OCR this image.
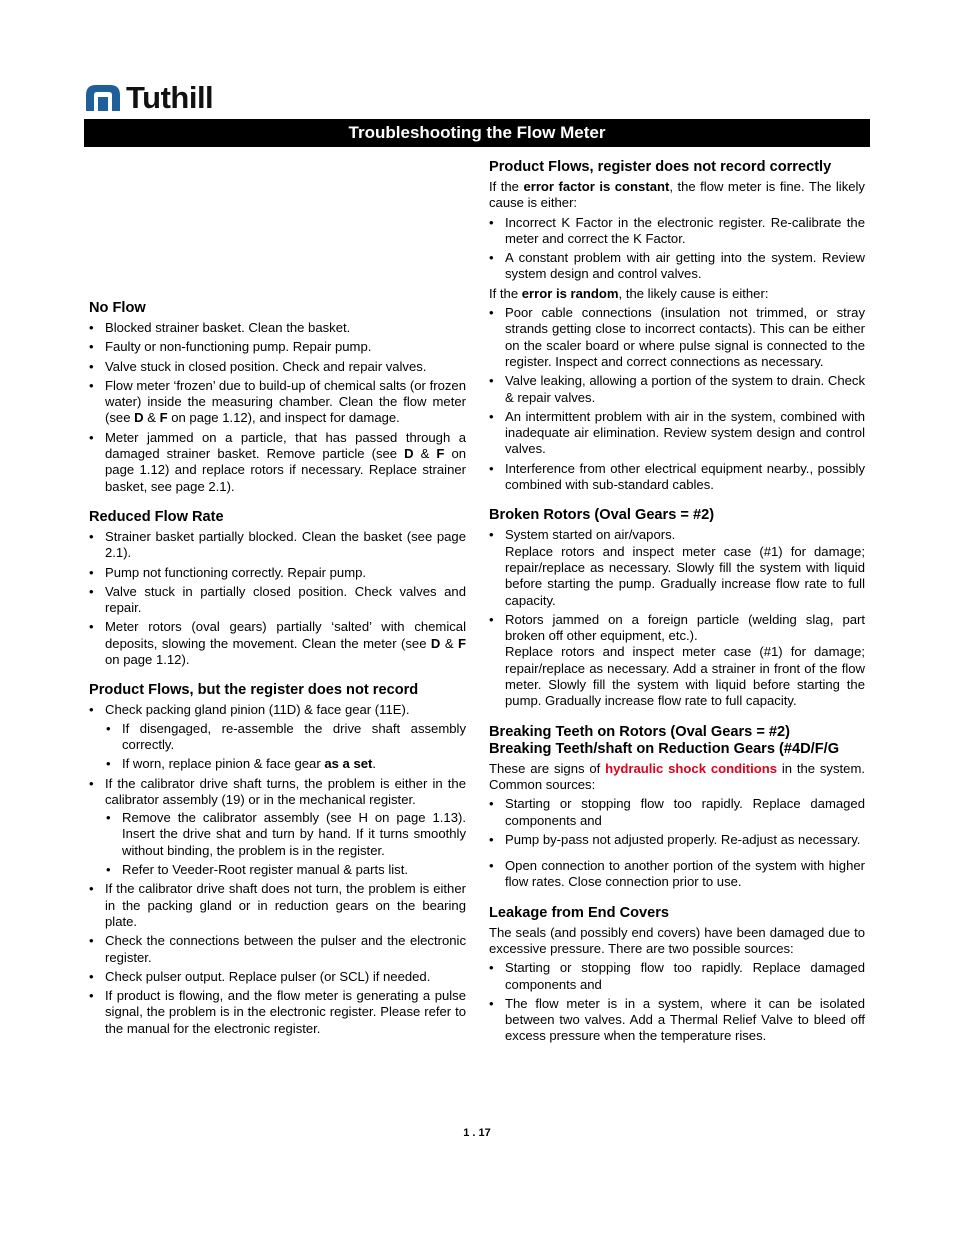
Tuthill
Troubleshooting the Flow Meter
No Flow
• Blocked strainer basket. Clean the basket.
• Faulty or non-functioning pump. Repair pump.
• Valve stuck in closed position. Check and repair valves.
• Flow meter ‘frozen’ due to build-up of chemical salts (or frozen water) inside the measuring chamber. Clean the flow meter (see D & F on page 1.12), and inspect for damage.
• Meter jammed on a particle, that has passed through a damaged strainer basket. Remove particle (see D & F on page 1.12) and replace rotors if necessary. Replace strainer basket, see page 2.1).
Reduced Flow Rate
• Strainer basket partially blocked. Clean the basket (see page 2.1).
• Pump not functioning correctly. Repair pump.
• Valve stuck in partially closed position. Check valves and repair.
• Meter rotors (oval gears) partially ‘salted’ with chemical deposits, slowing the movement. Clean the meter (see D & F on page 1.12).
Product Flows, but the register does not record
• Check packing gland pinion (11D) & face gear (11E).
• If disengaged, re-assemble the drive shaft assembly correctly.
• If worn, replace pinion & face gear as a set.
• If the calibrator drive shaft turns, the problem is either in the calibrator assembly (19) or in the mechanical register.
• Remove the calibrator assembly (see H on page 1.13). Insert the drive shat and turn by hand. If it turns smoothly without binding, the problem is in the register.
• Refer to Veeder-Root register manual & parts list.
• If the calibrator drive shaft does not turn, the problem is either in the packing gland or in reduction gears on the bearing plate.
• Check the connections between the pulser and the electronic register.
• Check pulser output. Replace pulser (or SCL) if needed.
• If product is flowing, and the flow meter is generating a pulse signal, the problem is in the electronic register. Please refer to the manual for the electronic register.
Product Flows, register does not record correctly

If the error factor is constant, the flow meter is fine. The likely cause is either:

• Incorrect K Factor in the electronic register. Re-calibrate the meter and correct the K Factor.
• A constant problem with air getting into the system. Review system design and control valves.

If the error is random, the likely cause is either:

• Poor cable connections (insulation not trimmed, or stray strands getting close to incorrect contacts). This can be either on the scaler board or where pulse signal is connected to the register. Inspect and correct connections as necessary.
• Valve leaking, allowing a portion of the system to drain. Check & repair valves.
• An intermittent problem with air in the system, combined with inadequate air elimination. Review system design and control valves.
• Interference from other electrical equipment nearby., possibly combined with sub-standard cables.
Broken Rotors (Oval Gears = #2)
• System started on air/vapors.
Replace rotors and inspect meter case (#1) for damage; repair/replace as necessary. Slowly fill the system with liquid before starting the pump. Gradually increase flow rate to full capacity.
• Rotors jammed on a foreign particle (welding slag, part broken off other equipment, etc.).
Replace rotors and inspect meter case (#1) for damage; repair/replace as necessary. Add a strainer in front of the flow meter. Slowly fill the system with liquid before starting the pump. Gradually increase flow rate to full capacity.
Breaking Teeth on Rotors (Oval Gears = #2)
Breaking Teeth/shaft on Reduction Gears (#4D/F/G

These are signs of hydraulic shock conditions in the system. Common sources:

• Starting or stopping flow too rapidly. Replace damaged components and
• Pump by-pass not adjusted properly. Re-adjust as necessary.
• Open connection to another portion of the system with higher flow rates. Close connection prior to use.
Leakage from End Covers

The seals (and possibly end covers) have been damaged due to excessive pressure. There are two possible sources:

• Starting or stopping flow too rapidly. Replace damaged components and
• The flow meter is in a system, where it can be isolated between two valves. Add a Thermal Relief Valve to bleed off excess pressure when the temperature rises.
1 . 17
